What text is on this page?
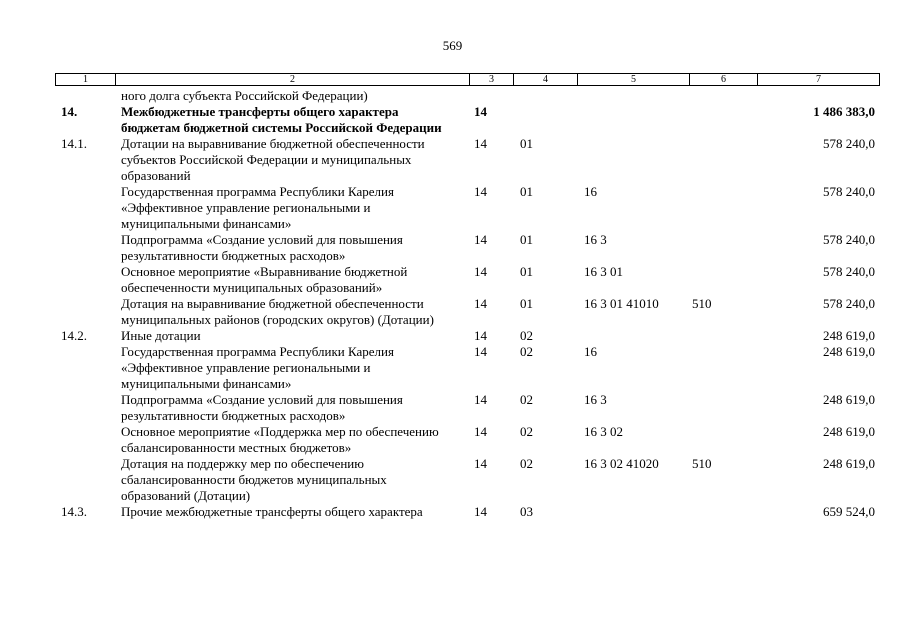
569
1	2	3	4	5	6	7
	ного долга субъекта Российской Федерации)					
14.	Межбюджетные трансферты общего характера бюджетам бюджетной системы Российской Федерации	14				1 486 383,0
14.1.	Дотации на выравнивание бюджетной обеспеченности субъектов Российской Федерации и муниципальных образований	14	01			578 240,0
	Государственная программа Республики Карелия «Эффективное управление региональными и муниципальными финансами»	14	01	16		578 240,0
	Подпрограмма «Создание условий для повышения результативности бюджетных расходов»	14	01	16 3		578 240,0
	Основное мероприятие «Выравнивание бюджетной обеспеченности муниципальных образований»	14	01	16 3 01		578 240,0
	Дотация на выравнивание бюджетной обеспеченности муниципальных районов (городских округов) (Дотации)	14	01	16 3 01 41010	510	578 240,0
14.2.	Иные дотации	14	02			248 619,0
	Государственная программа Республики Карелия «Эффективное управление региональными и муниципальными финансами»	14	02	16		248 619,0
	Подпрограмма «Создание условий для повышения результативности бюджетных расходов»	14	02	16 3		248 619,0
	Основное мероприятие «Поддержка мер по обеспечению сбалансированности местных бюджетов»	14	02	16 3 02		248 619,0
	Дотация на поддержку мер по обеспечению сбалансированности бюджетов муниципальных образований (Дотации)	14	02	16 3 02 41020	510	248 619,0
14.3.	Прочие межбюджетные трансферты общего характера	14	03			659 524,0
